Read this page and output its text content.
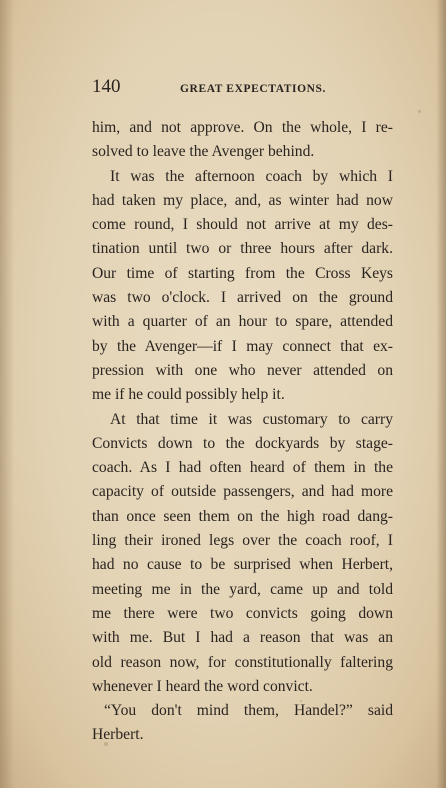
140	GREAT EXPECTATIONS.
him, and not approve. On the whole, I re-
solved to leave the Avenger behind.
It was the afternoon coach by which I
had taken my place, and, as winter had now
come round, I should not arrive at my des-
tination until two or three hours after dark.
Our time of starting from the Cross Keys
was two o'clock. I arrived on the ground
with a quarter of an hour to spare, attended
by the Avenger—if I may connect that ex-
pression with one who never attended on
me if he could possibly help it.
At that time it was customary to carry
Convicts down to the dockyards by stage-
coach. As I had often heard of them in the
capacity of outside passengers, and had more
than once seen them on the high road dang-
ling their ironed legs over the coach roof, I
had no cause to be surprised when Herbert,
meeting me in the yard, came up and told
me there were two convicts going down
with me. But I had a reason that was an
old reason now, for constitutionally faltering
whenever I heard the word convict.
“You don't mind them, Handel?” said
Herbert.
